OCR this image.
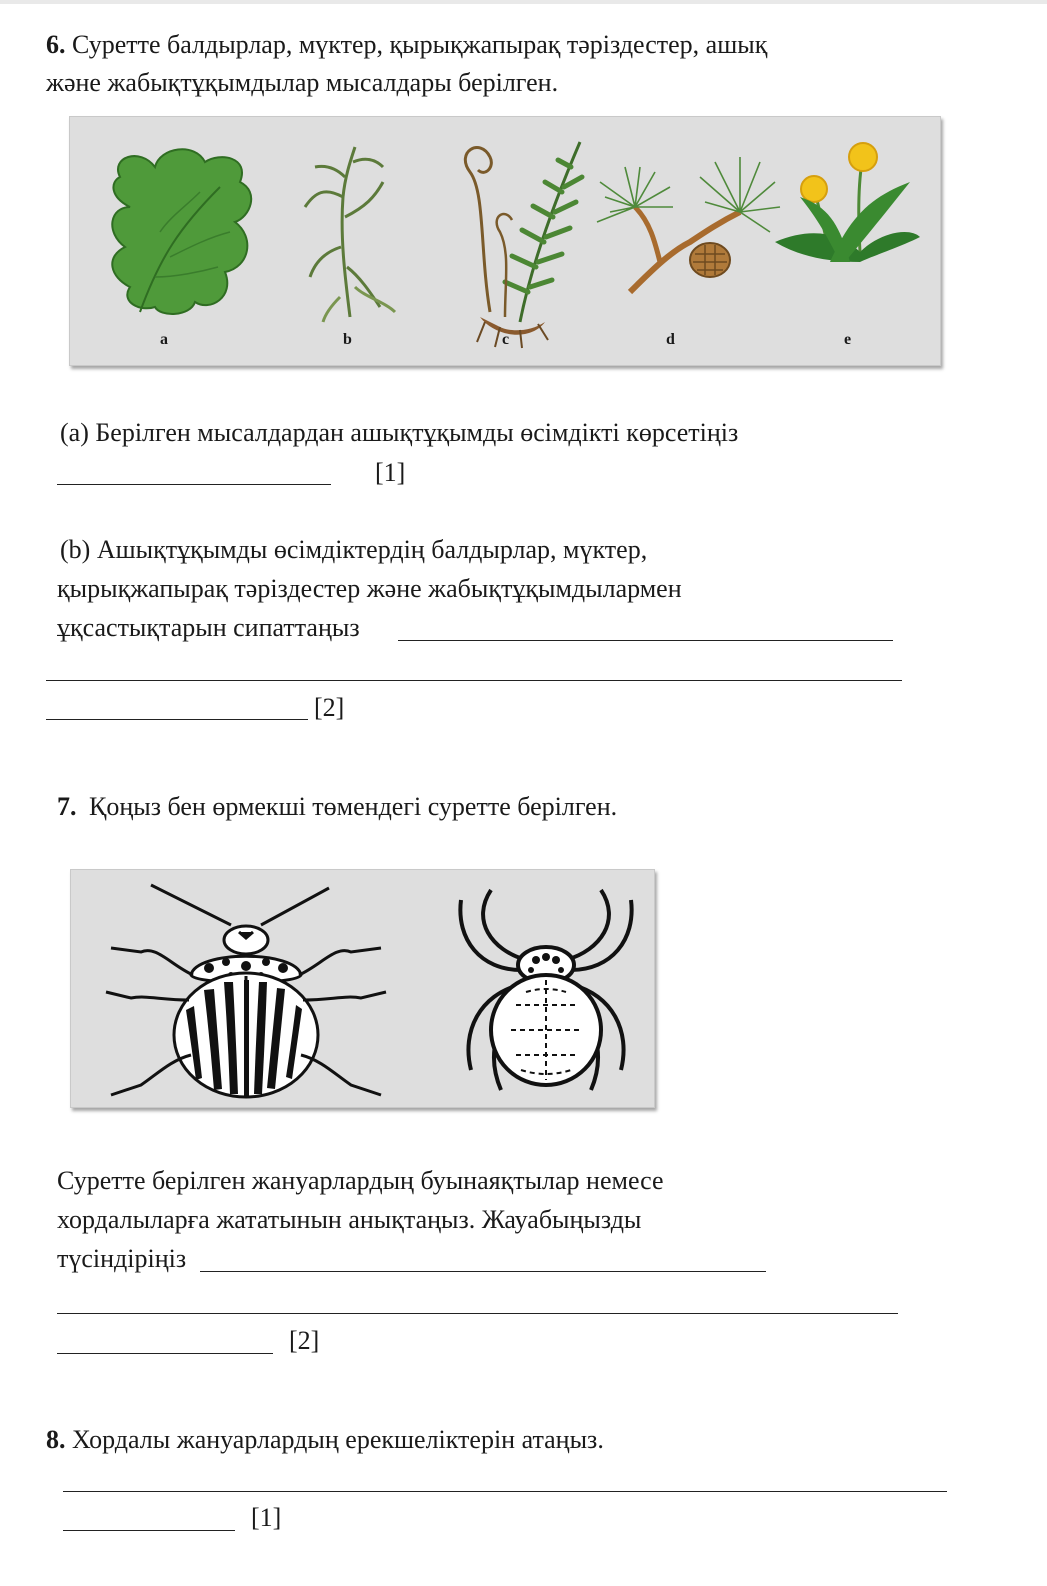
6. Суретте балдырлар, мүктер, қырықжапырақ тәріздестер, ашық
және жабықтұқымдылар мысалдары берілген.
a	b	c	d	e
(а) Берілген мысалдардан ашықтұқымды өсімдікті көрсетіңіз
[1]
(b) Ашықтұқымды өсімдіктердің балдырлар, мүктер,
қырықжапырақ тәріздестер және жабықтұқымдылармен
ұқсастықтарын сипаттаңыз
[2]
7. Қоңыз бен өрмекші төмендегі суретте берілген.
Суретте берілген жануарлардың буынаяқтылар немесе
хордалыларға жататынын анықтаңыз. Жауабыңызды
түсіндіріңіз
[2]
8. Хордалы жануарлардың ерекшеліктерін атаңыз.
[1]
